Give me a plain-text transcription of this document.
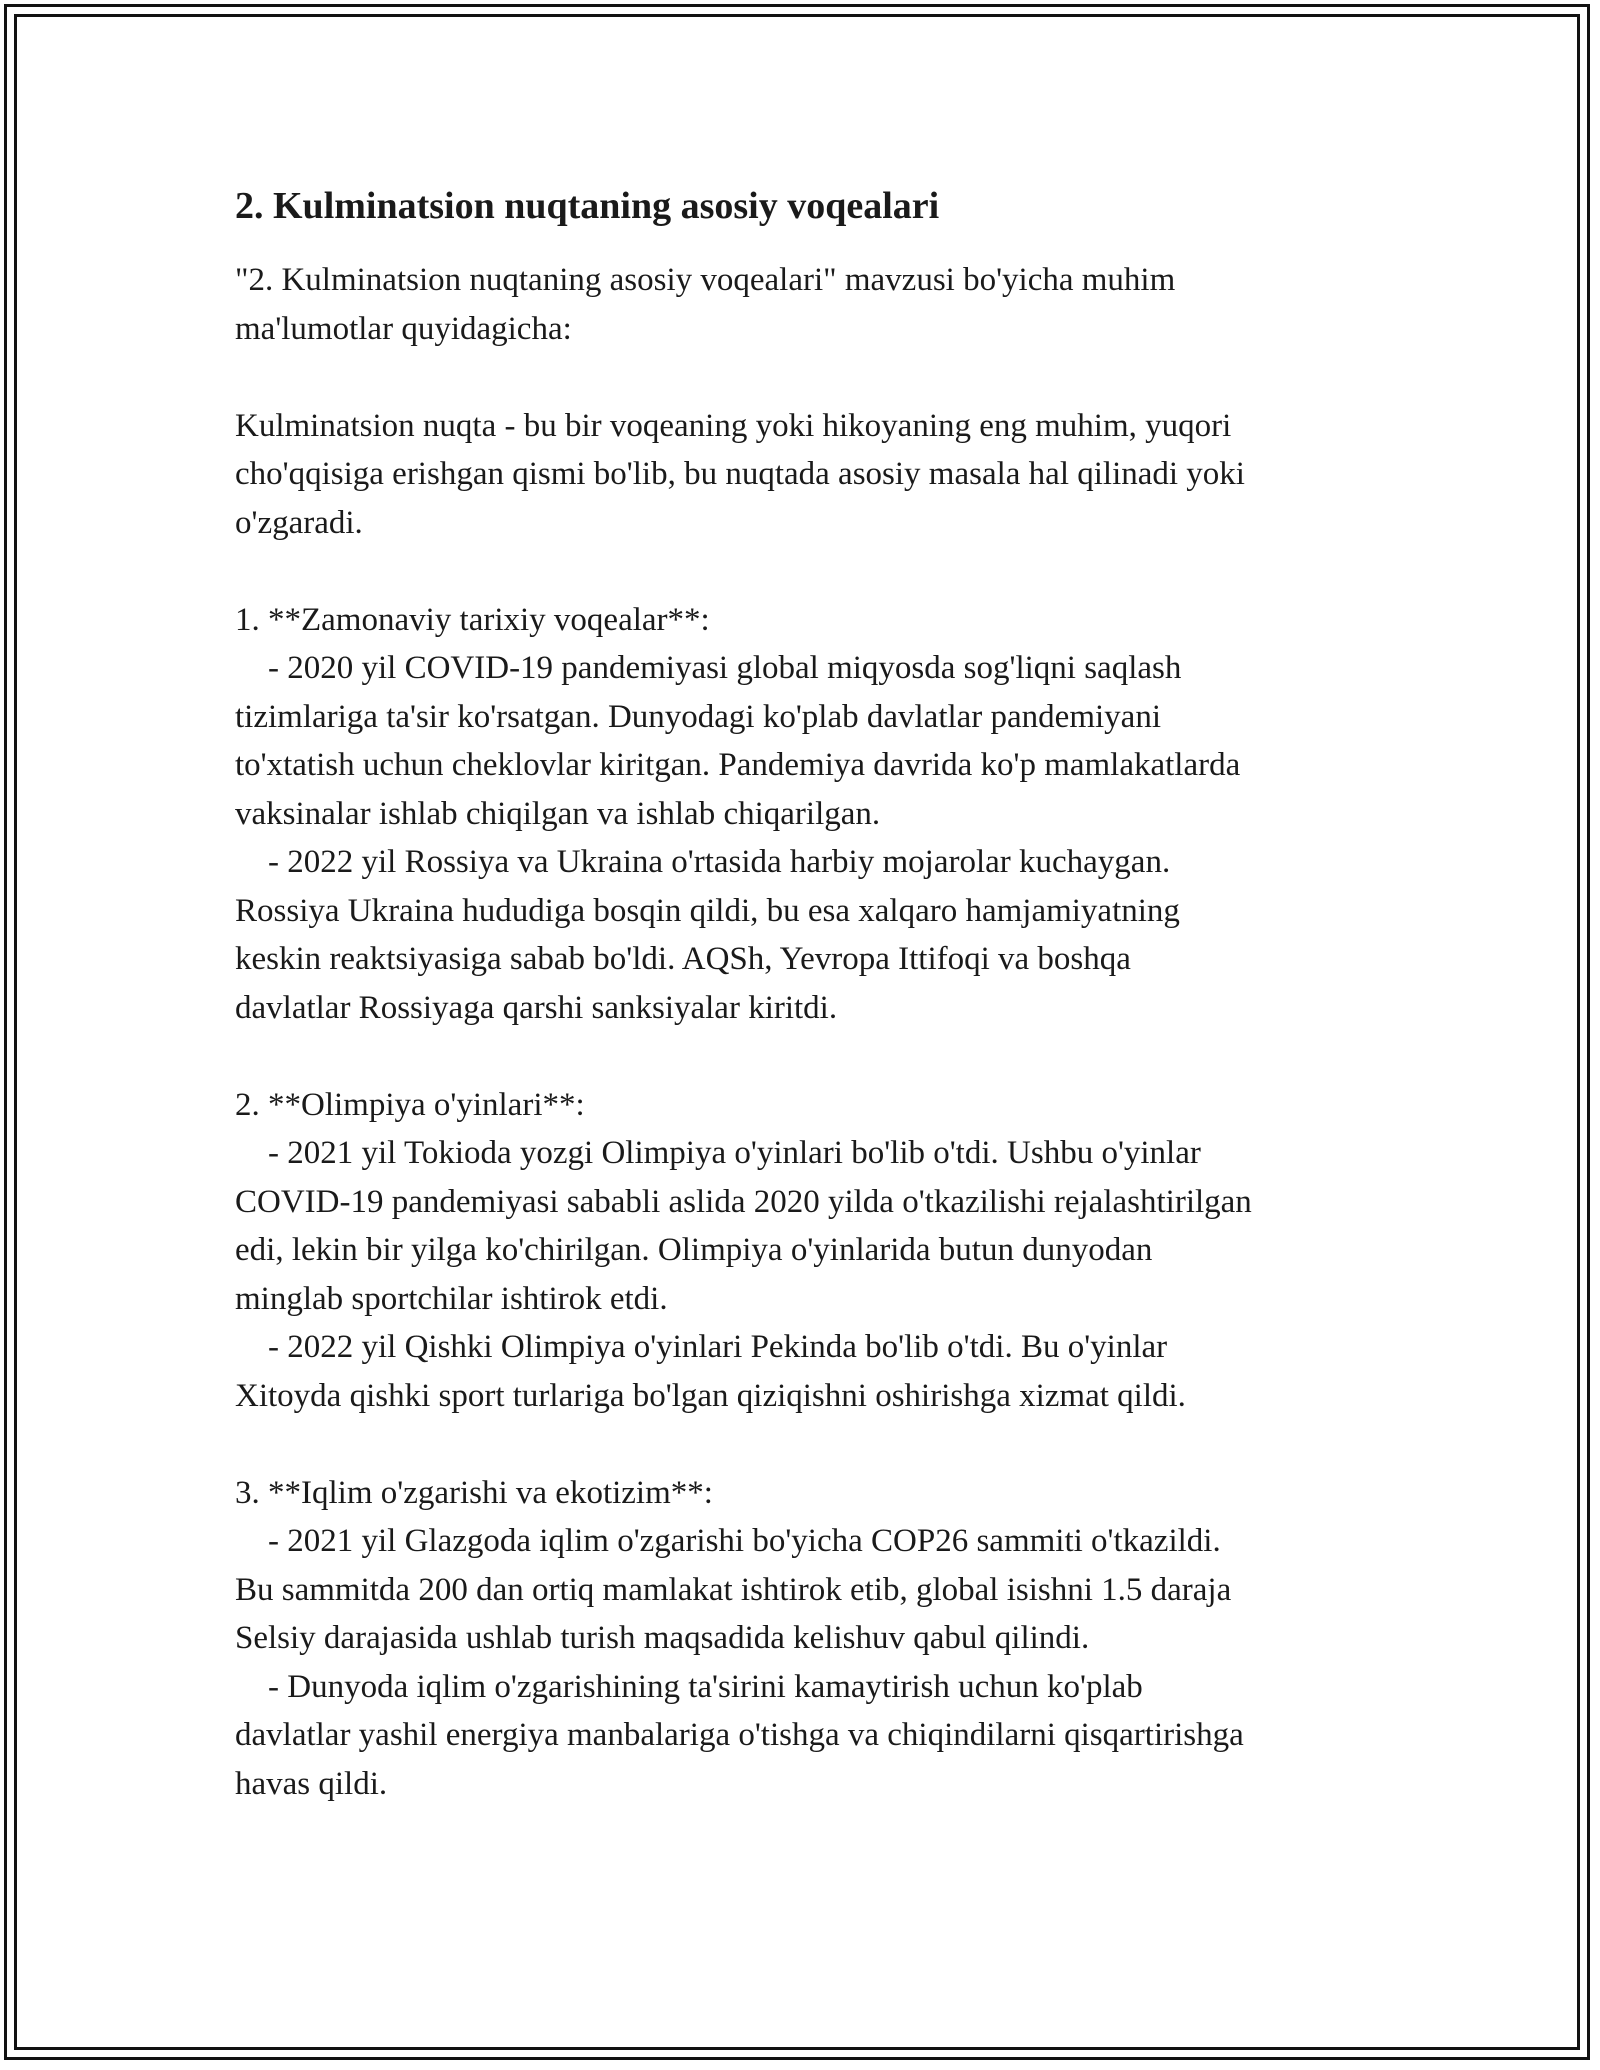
2. Kulminatsion nuqtaning asosiy voqealari

"2. Kulminatsion nuqtaning asosiy voqealari" mavzusi bo'yicha muhim
ma'lumotlar quyidagicha:

Kulminatsion nuqta - bu bir voqeaning yoki hikoyaning eng muhim, yuqori
cho'qqisiga erishgan qismi bo'lib, bu nuqtada asosiy masala hal qilinadi yoki
o'zgaradi.

1. **Zamonaviy tarixiy voqealar**:

- 2020 yil COVID-19 pandemiyasi global miqyosda sog'liqni saqlash
tizimlariga ta'sir ko'rsatgan. Dunyodagi ko'plab davlatlar pandemiyani
to'xtatish uchun cheklovlar kiritgan. Pandemiya davrida ko'p mamlakatlarda
vaksinalar ishlab chiqilgan va ishlab chiqarilgan.

- 2022 yil Rossiya va Ukraina o'rtasida harbiy mojarolar kuchaygan.
Rossiya Ukraina hududiga bosqin qildi, bu esa xalqaro hamjamiyatning
keskin reaktsiyasiga sabab bo'ldi. AQSh, Yevropa Ittifoqi va boshqa
davlatlar Rossiyaga qarshi sanksiyalar kiritdi.

2. **Olimpiya o'yinlari**:

- 2021 yil Tokioda yozgi Olimpiya o'yinlari bo'lib o'tdi. Ushbu o'yinlar
COVID-19 pandemiyasi sababli aslida 2020 yilda o'tkazilishi rejalashtirilgan
edi, lekin bir yilga ko'chirilgan. Olimpiya o'yinlarida butun dunyodan
minglab sportchilar ishtirok etdi.

- 2022 yil Qishki Olimpiya o'yinlari Pekinda bo'lib o'tdi. Bu o'yinlar
Xitoyda qishki sport turlariga bo'lgan qiziqishni oshirishga xizmat qildi.

3. **Iqlim o'zgarishi va ekotizim**:

- 2021 yil Glazgoda iqlim o'zgarishi bo'yicha COP26 sammiti o'tkazildi.
Bu sammitda 200 dan ortiq mamlakat ishtirok etib, global isishni 1.5 daraja
Selsiy darajasida ushlab turish maqsadida kelishuv qabul qilindi.

- Dunyoda iqlim o'zgarishining ta'sirini kamaytirish uchun ko'plab
davlatlar yashil energiya manbalariga o'tishga va chiqindilarni qisqartirishga
havas qildi.
